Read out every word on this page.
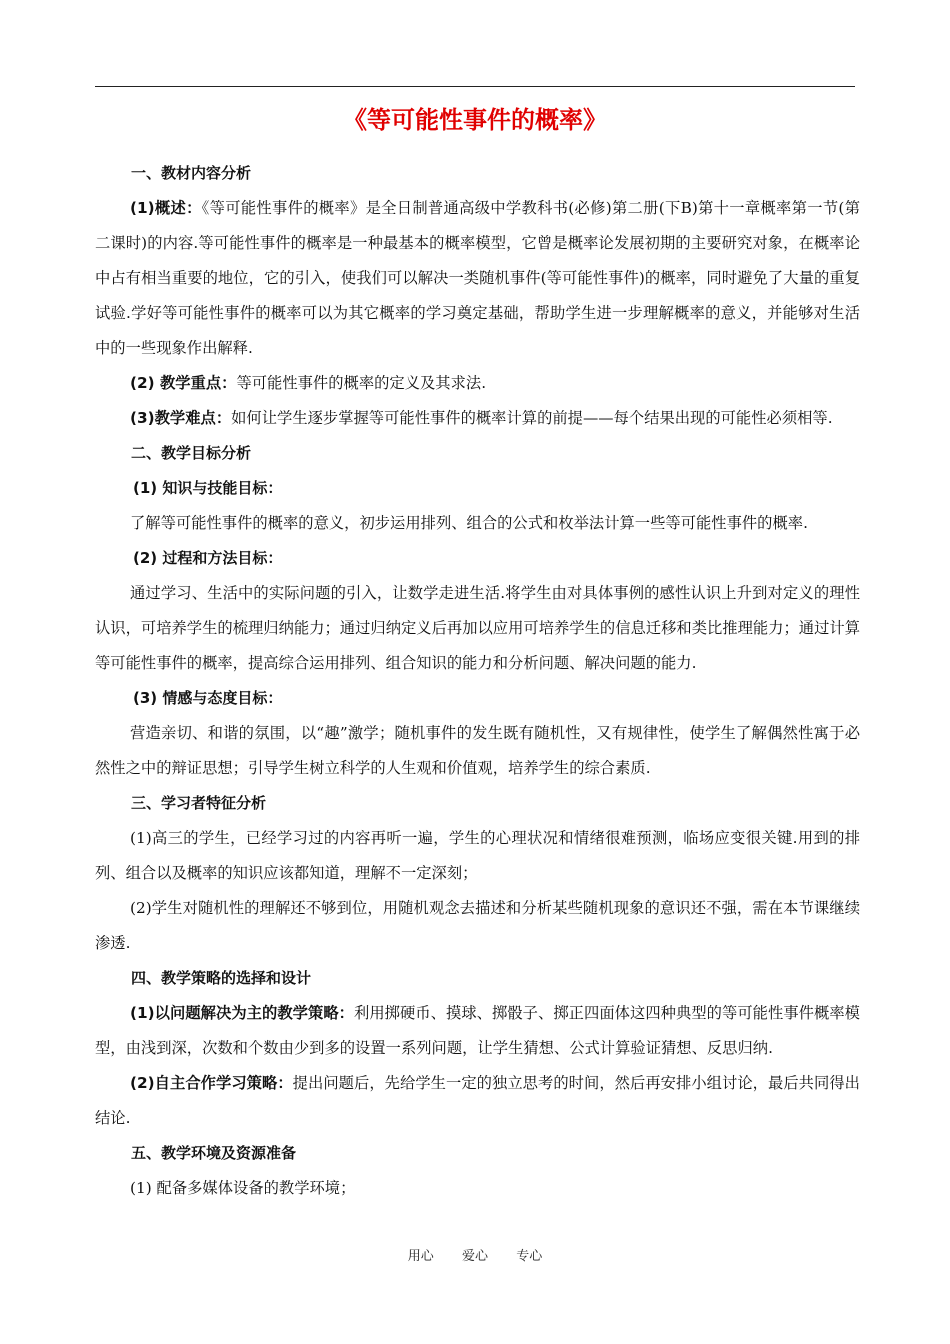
《等可能性事件的概率》

一、教材内容分析

(1)概述：《等可能性事件的概率》是全日制普通高级中学教科书(必修)第二册(下B)第十一章概率第一节(第二课时)的内容.等可能性事件的概率是一种最基本的概率模型，它曾是概率论发展初期的主要研究对象，在概率论中占有相当重要的地位，它的引入，使我们可以解决一类随机事件(等可能性事件)的概率，同时避免了大量的重复试验.学好等可能性事件的概率可以为其它概率的学习奠定基础，帮助学生进一步理解概率的意义，并能够对生活中的一些现象作出解释.

(2) 教学重点：等可能性事件的概率的定义及其求法.

(3)教学难点：如何让学生逐步掌握等可能性事件的概率计算的前提——每个结果出现的可能性必须相等.

二、教学目标分析

(1) 知识与技能目标：

了解等可能性事件的概率的意义，初步运用排列、组合的公式和枚举法计算一些等可能性事件的概率.

(2) 过程和方法目标：

通过学习、生活中的实际问题的引入，让数学走进生活.将学生由对具体事例的感性认识上升到对定义的理性认识，可培养学生的梳理归纳能力；通过归纳定义后再加以应用可培养学生的信息迁移和类比推理能力；通过计算等可能性事件的概率，提高综合运用排列、组合知识的能力和分析问题、解决问题的能力.

(3) 情感与态度目标：

营造亲切、和谐的氛围，以“趣”激学；随机事件的发生既有随机性，又有规律性，使学生了解偶然性寓于必然性之中的辩证思想；引导学生树立科学的人生观和价值观，培养学生的综合素质.

三、学习者特征分析

(1)高三的学生，已经学习过的内容再听一遍，学生的心理状况和情绪很难预测，临场应变很关键.用到的排列、组合以及概率的知识应该都知道，理解不一定深刻；

(2)学生对随机性的理解还不够到位，用随机观念去描述和分析某些随机现象的意识还不强，需在本节课继续渗透.

四、教学策略的选择和设计

(1)以问题解决为主的教学策略：利用掷硬币、摸球、掷骰子、掷正四面体这四种典型的等可能性事件概率模型，由浅到深，次数和个数由少到多的设置一系列问题，让学生猜想、公式计算验证猜想、反思归纳.

(2)自主合作学习策略：提出问题后，先给学生一定的独立思考的时间，然后再安排小组讨论，最后共同得出结论.

五、教学环境及资源准备

(1) 配备多媒体设备的教学环境；

用心  爱心  专心
